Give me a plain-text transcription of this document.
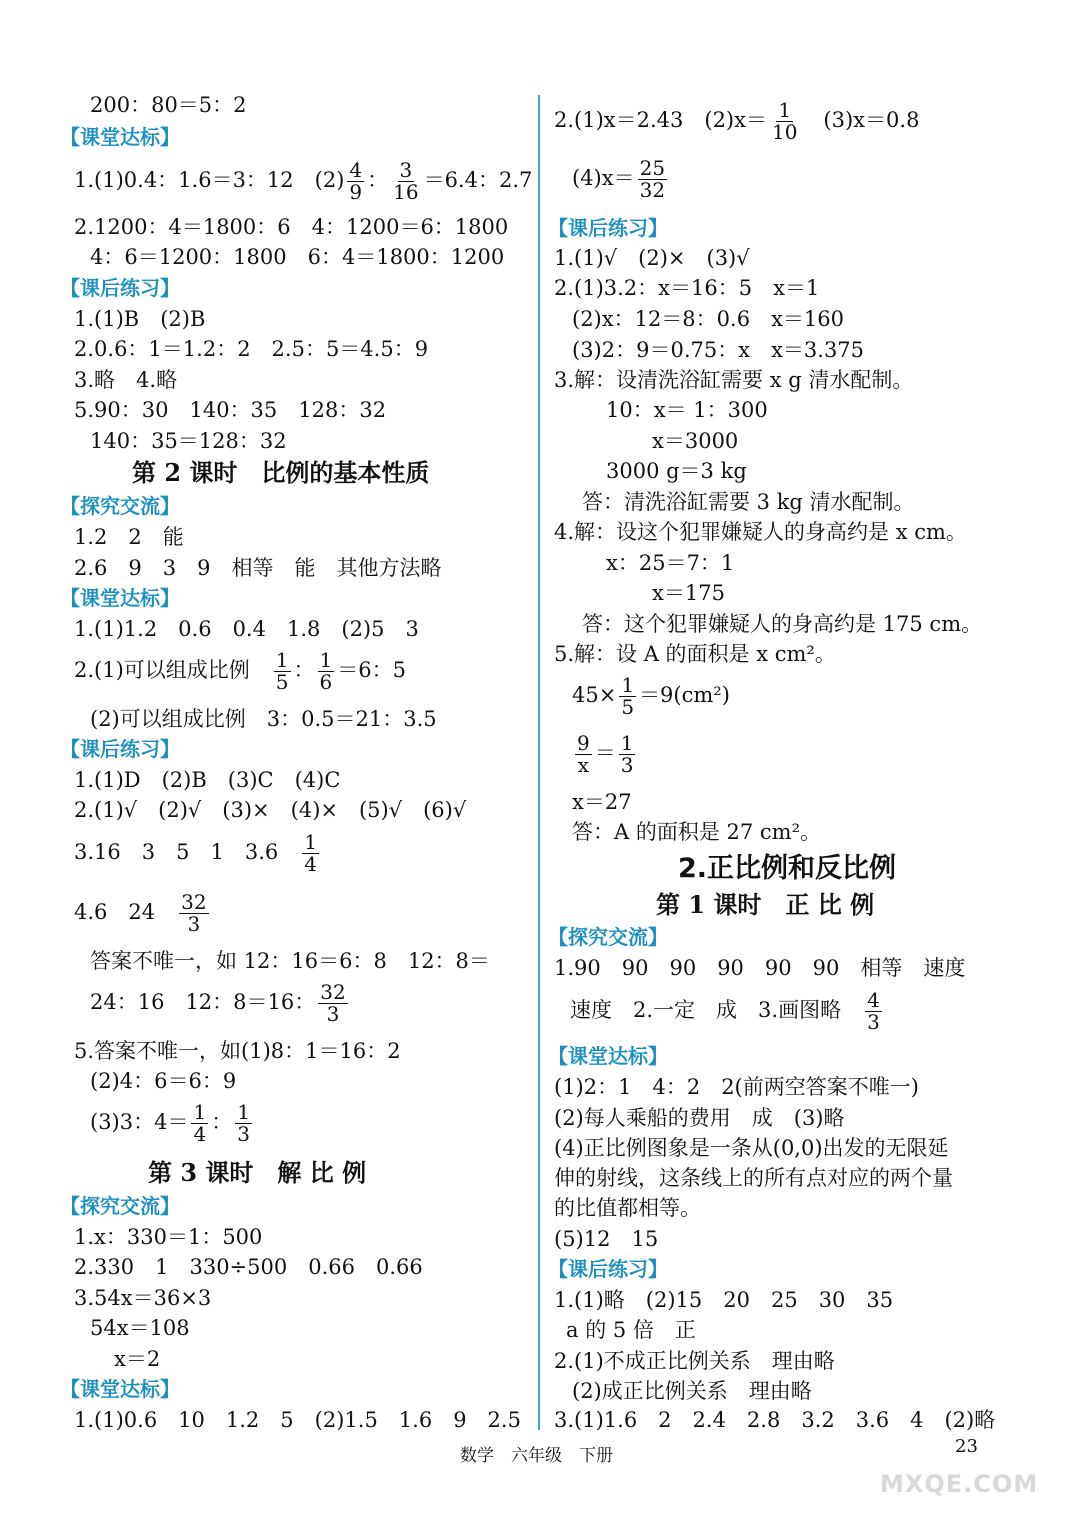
200：80＝5：2
【课堂达标】
1.(1)0.4：1.6＝3：12　$(2) \frac{4}{9}$ ： $\frac{3}{16} =6.4$：2.7
2.1200：4＝1800：6　4：1200＝6：1800
4：6＝1200：1800　6：4＝1800：1200
【课后练习】
1.(1)B　(2)B
2.0.6：1＝1.2：2　2.5：5＝4.5：9
3.略　4.略
5.90：30　140：35　128：32
140：35＝128：32
第 2 课时　比例的基本性质
【探究交流】
1.2　2　能
2.6　9　3　9　相等　能　其他方法略
【课堂达标】
1.(1)1.2　0.6　0.4　1.8　(2)5　3
2.(1)可以组成比例　 $\frac{1}{5}$ ： $\frac{1}{6} =6$：5
(2)可以组成比例　3：0.5＝21：3.5
【课后练习】
1.(1)D　(2)B　(3)C　(4)C
2.(1)√　(2)√　(3)×　(4)×　(5)√　(6)√
3.16　3　5　1　3.6　 $\frac{1}{4}$
4.6　24　 $\frac{32}{3}$
答案不唯一，如 12：16＝6：8　12：8＝
24：16　12：8＝16： $\frac{32}{3}$
5.答案不唯一，如(1)8：1＝16：2
(2)4：6＝6：9
(3)3：$4= \frac{1}{4}$ ： $\frac{1}{3}$
第 3 课时　解 比 例
【探究交流】
1.x：330＝1：500
2.330　1　330÷500　0.66　0.66
3.54x＝36×3
54x＝108
x＝2
【课堂达标】
1.(1)0.6　10　1.2　5　(2)1.5　1.6　9　2.5
2.(1)x＝2.43　$(2)x= \frac{1}{10}$ 　(3)x＝0.8
$(4)x= \frac{25}{32}$
【课后练习】
1.(1)√　(2)×　(3)√
2.(1)3.2：x＝16：5　x＝1
(2)x：12＝8：0.6　x＝160
(3)2：9＝0.75：x　x＝3.375
3.解：设清洗浴缸需要 x g 清水配制。
10：x＝ 1：300
x＝3000
3000 g＝3 kg
答：清洗浴缸需要 3 kg 清水配制。
4.解：设这个犯罪嫌疑人的身高约是 x cm。
x：25＝7：1
x＝175
答：这个犯罪嫌疑人的身高约是 175 cm。
5.解：设 A 的面积是 x cm²。
$45\times \frac{1}{5} =9(cm^2)$
$\frac{9}{x} = \frac{1}{3}$
x＝27
答：A 的面积是 27 cm²。
2.正比例和反比例
第 1 课时　正 比 例
【探究交流】
1.90　90　90　90　90　90　相等　速度
速度　2.一定　成　3.画图略　 $\frac{4}{3}$
【课堂达标】
(1)2：1　4：2　2(前两空答案不唯一)
(2)每人乘船的费用　成　(3)略
(4)正比例图象是一条从(0,0)出发的无限延
伸的射线，这条线上的所有点对应的两个量
的比值都相等。
(5)12　15
【课后练习】
1.(1)略　(2)15　20　25　30　35
a 的 5 倍　正
2.(1)不成正比例关系　理由略
(2)成正比例关系　理由略
3.(1)1.6　2　2.4　2.8　3.2　3.6　4　(2)略
数学　六年级　下册	23
MXQE.COM
